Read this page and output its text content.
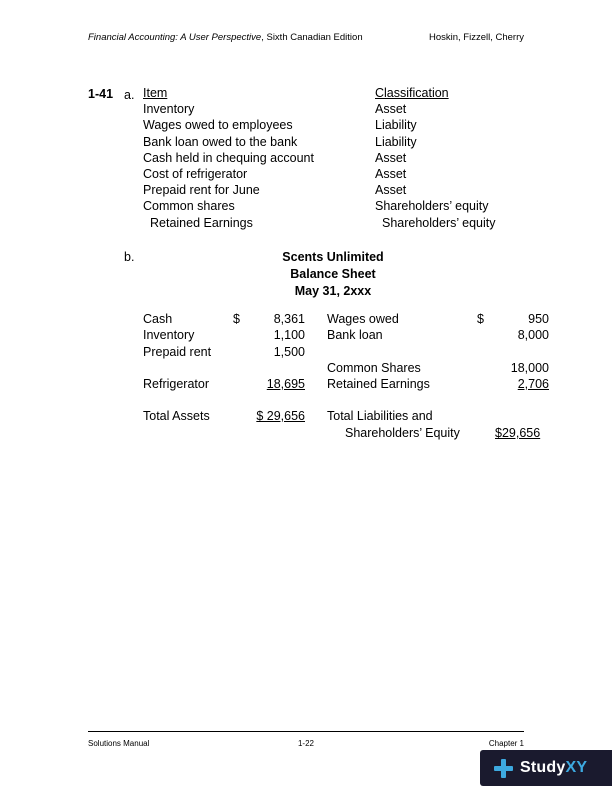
Financial Accounting: A User Perspective, Sixth Canadian Edition	Hoskin, Fizzell, Cherry
1-41 a. Item	Classification
Inventory	Asset
Wages owed to employees	Liability
Bank loan owed to the bank	Liability
Cash held in chequing account	Asset
Cost of refrigerator	Asset
Prepaid rent for June	Asset
Common shares	Shareholders’ equity
Retained Earnings	Shareholders’ equity
b.	Scents Unlimited
Balance Sheet
May 31, 2xxx
Cash	$	8,361 Wages owed	$	950
Inventory	1,100 Bank loan	8,000
Prepaid rent	1,500
Common Shares	18,000
Refrigerator	18,695 Retained Earnings	2,706
Total Assets	$ 29,656 Total Liabilities and
Shareholders’ Equity	$29,656
Solutions Manual	Chapter 1
1-22
StudyXY
